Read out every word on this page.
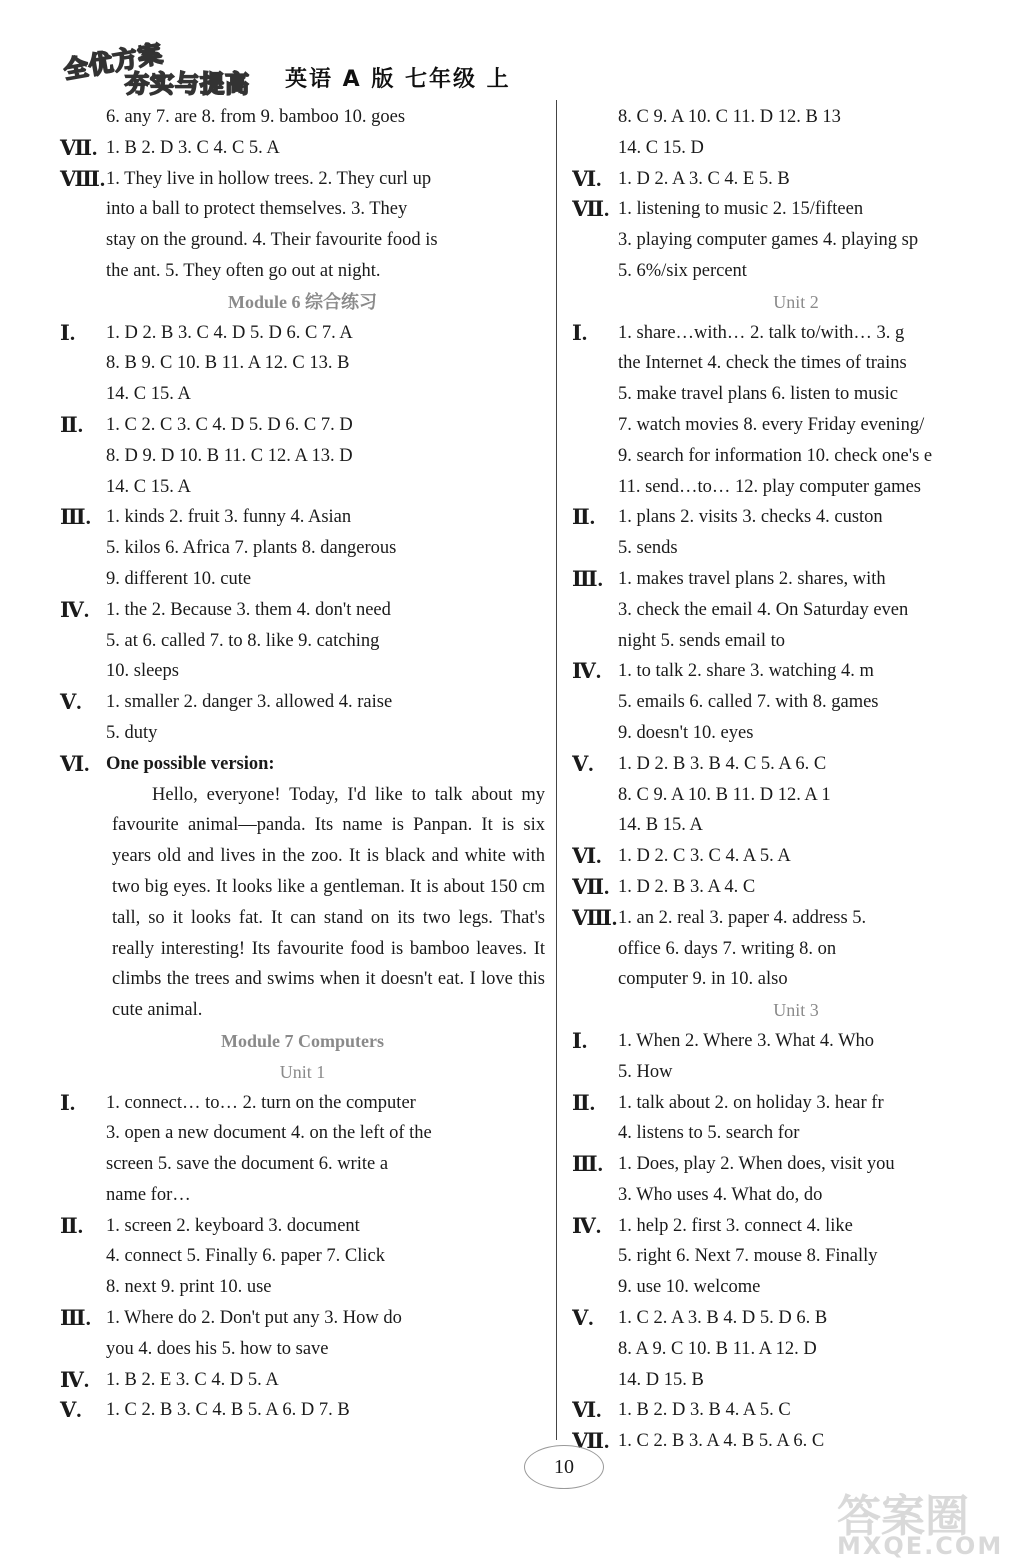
全优方案
夯实与提高 英语 A 版 七年级 上
6. any 7. are 8. from 9. bamboo 10. goes
Ⅶ. 1. B 2. D 3. C 4. C 5. A
Ⅷ. 1. They live in hollow trees. 2. They curl up
into a ball to protect themselves. 3. They
stay on the ground. 4. Their favourite food is
the ant. 5. They often go out at night.
Module 6 综合练习
Ⅰ. 1. D 2. B 3. C 4. D 5. D 6. C 7. A
8. B 9. C 10. B 11. A 12. C 13. B
14. C 15. A
Ⅱ. 1. C 2. C 3. C 4. D 5. D 6. C 7. D
8. D 9. D 10. B 11. C 12. A 13. D
14. C 15. A
Ⅲ. 1. kinds 2. fruit 3. funny 4. Asian
5. kilos 6. Africa 7. plants 8. dangerous
9. different 10. cute
Ⅳ. 1. the 2. Because 3. them 4. don't need
5. at 6. called 7. to 8. like 9. catching
10. sleeps
Ⅴ. 1. smaller 2. danger 3. allowed 4. raise
5. duty
Ⅵ. One possible version:

Hello, everyone! Today, I'd like to talk about my favourite animal—panda. Its name is Panpan. It is six years old and lives in the zoo. It is black and white with two big eyes. It looks like a gentleman. It is about 150 cm tall, so it looks fat. It can stand on its two legs. That's really interesting! Its favourite food is bamboo leaves. It climbs the trees and swims when it doesn't eat. I love this cute animal.

Module 7 Computers
Unit 1
Ⅰ. 1. connect… to… 2. turn on the computer
3. open a new document 4. on the left of the
screen 5. save the document 6. write a
name for…
Ⅱ. 1. screen 2. keyboard 3. document
4. connect 5. Finally 6. paper 7. Click
8. next 9. print 10. use
Ⅲ. 1. Where do 2. Don't put any 3. How do
you 4. does his 5. how to save
Ⅳ. 1. B 2. E 3. C 4. D 5. A
Ⅴ. 1. C 2. B 3. C 4. B 5. A 6. D 7. B
8. C 9. A 10. C 11. D 12. B 13
14. C 15. D
Ⅵ. 1. D 2. A 3. C 4. E 5. B
Ⅶ. 1. listening to music 2. 15/fifteen
3. playing computer games 4. playing sp
5. 6%/six percent
Unit 2
Ⅰ. 1. share…with… 2. talk to/with… 3. g
the Internet 4. check the times of trains
5. make travel plans 6. listen to music
7. watch movies 8. every Friday evening/
9. search for information 10. check one's e
11. send…to… 12. play computer games
Ⅱ. 1. plans 2. visits 3. checks 4. custon
5. sends
Ⅲ. 1. makes travel plans 2. shares, with
3. check the email 4. On Saturday even
night 5. sends email to
Ⅳ. 1. to talk 2. share 3. watching 4. m
5. emails 6. called 7. with 8. games
9. doesn't 10. eyes
Ⅴ. 1. D 2. B 3. B 4. C 5. A 6. C
8. C 9. A 10. B 11. D 12. A 1
14. B 15. A
Ⅵ. 1. D 2. C 3. C 4. A 5. A
Ⅶ. 1. D 2. B 3. A 4. C
Ⅷ. 1. an 2. real 3. paper 4. address 5.
office 6. days 7. writing 8. on
computer 9. in 10. also
Unit 3
Ⅰ. 1. When 2. Where 3. What 4. Who
5. How
Ⅱ. 1. talk about 2. on holiday 3. hear fr
4. listens to 5. search for
Ⅲ. 1. Does, play 2. When does, visit you
3. Who uses 4. What do, do
Ⅳ. 1. help 2. first 3. connect 4. like
5. right 6. Next 7. mouse 8. Finally
9. use 10. welcome
Ⅴ. 1. C 2. A 3. B 4. D 5. D 6. B
8. A 9. C 10. B 11. A 12. D
14. D 15. B
Ⅵ. 1. B 2. D 3. B 4. A 5. C
Ⅶ. 1. C 2. B 3. A 4. B 5. A 6. C
10
答案圈
MXQE.COM
